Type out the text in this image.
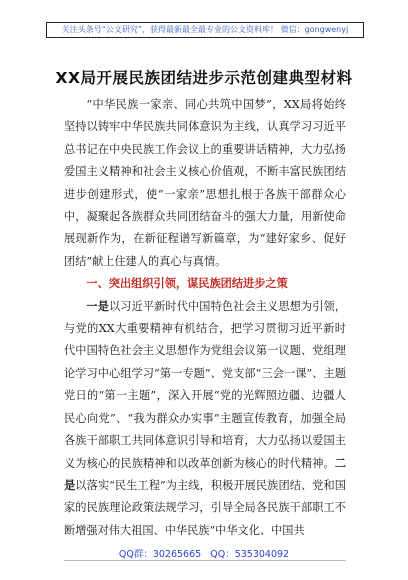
关注头条号“公文研究”，获得最新最全最专业的公文资料库！ 微信：gongwenyj
XX局开展民族团结进步示范创建典型材料

“中华民族一家亲、同心共筑中国梦”，XX局将始终坚持以铸牢中华民族共同体意识为主线，认真学习习近平总书记在中央民族工作会议上的重要讲话精神，大力弘扬爱国主义精神和社会主义核心价值观，不断丰富民族团结进步创建形式，使“一家亲”思想扎根于各族干部群众心中，凝聚起各族群众共同团结奋斗的强大力量，用新使命展现新作为，在新征程谱写新篇章，为“建好家乡、促好团结”献上住建人的真心与真情。

一、突出组织引领，谋民族团结进步之策

一是以习近平新时代中国特色社会主义思想为引领，与党的XX大重要精神有机结合，把学习贯彻习近平新时代中国特色社会主义思想作为党组会议第一议题、党组理论学习中心组学习“第一专题”、党支部“三会一课”、主题党日的“第一主题”，深入开展“党的光辉照边疆、边疆人民心向党”、“我为群众办实事”主题宣传教育，加强全局各族干部职工共同体意识引导和培育，大力弘扬以爱国主义为核心的民族精神和以改革创新为核心的时代精神。二是以落实“民生工程”为主线，积极开展民族团结、党和国家的民族理论政策法规学习，引导全局各民族干部职工不断增强对伟大祖国、中华民族“中华文化、中国共

QQ群：30265665 QQ：535304092
